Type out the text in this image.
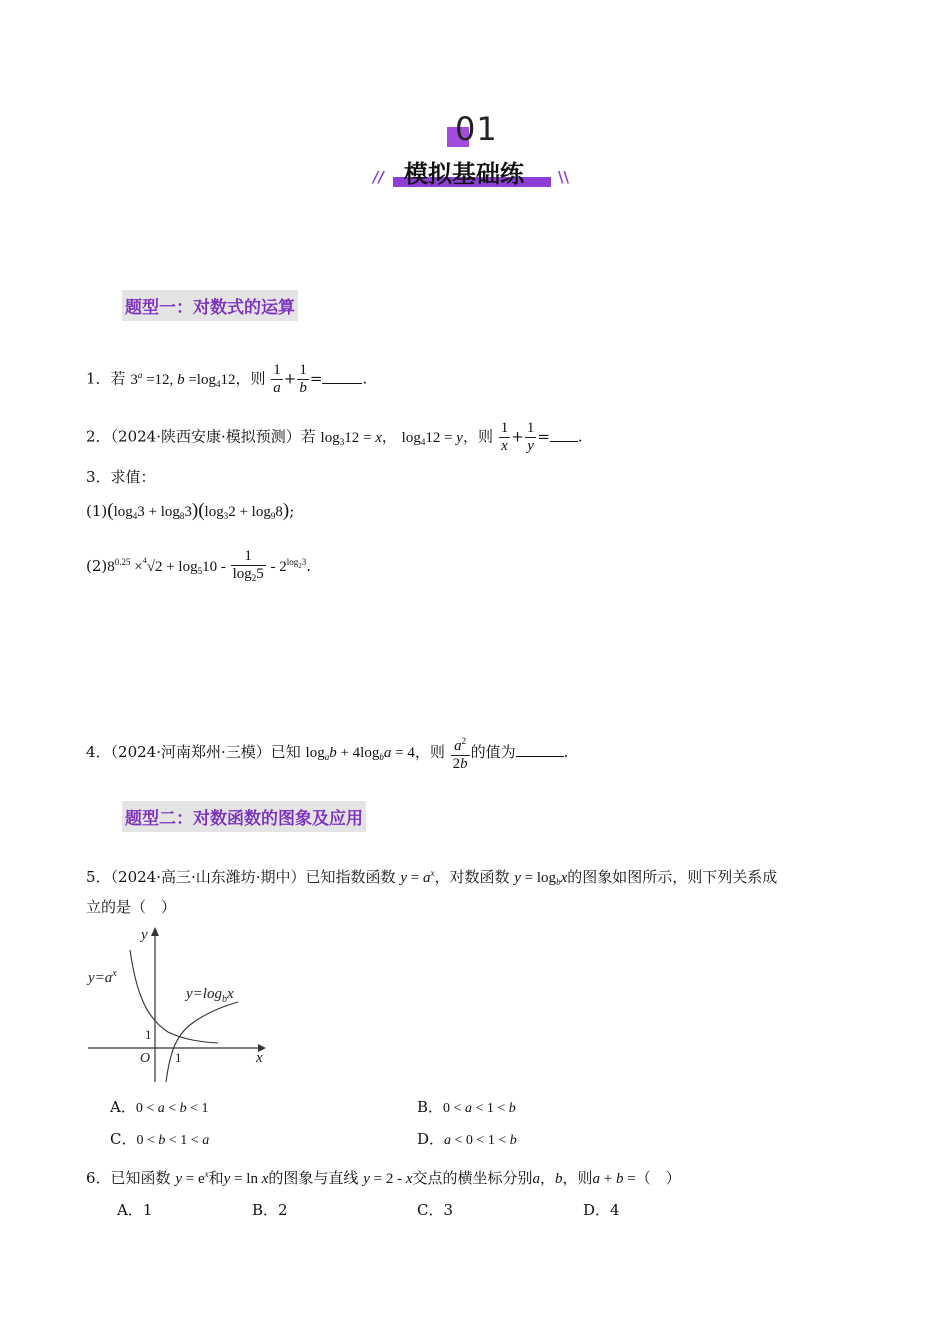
01
模拟基础练
//	\\
题型一：对数式的运算
1．若 $3^a =12$, $b =\log_412$，则 $\frac{1}{a} + \frac{1}{b}$ =	.
2．（2024·陕西安康·模拟预测）若 $\log_312 = x$， $\log_412 = y$，则 $\frac{1}{x} + \frac{1}{y}$ = .
3．求值：
$(1)(\log_43 + \log_83)(\log_32 + \log_98)$;
$(2)8^{0.25} \times^4√2 + \log_510 - \frac{1}{\log_25} - 2^{log_23}$.
4．（2024·河南郑州·三模）已知 $\log_ab + 4\log_ba = 4$，则 $\frac{a^2}{2b}$ 的值为	.
题型二：对数函数的图象及应用
5．（2024·高三·山东潍坊·期中）已知指数函数 $y = a^x$，对数函数 $y = \log_bx$的图象如图所示，则下列关系成
立的是（　）
y
x
O
1
1
$y=a^x$
$y=\log_bx$
A．0 < a < b < 1	B．0 < a < 1 < b
C．0 < b < 1 < a	D．a < 0 < 1 < b
6．已知函数 $y = e^x$和y = ln x的图象与直线 y = 2 - x交点的横坐标分别a，b，则a + b =（　）
A．1	B．2	C．3	D．4
